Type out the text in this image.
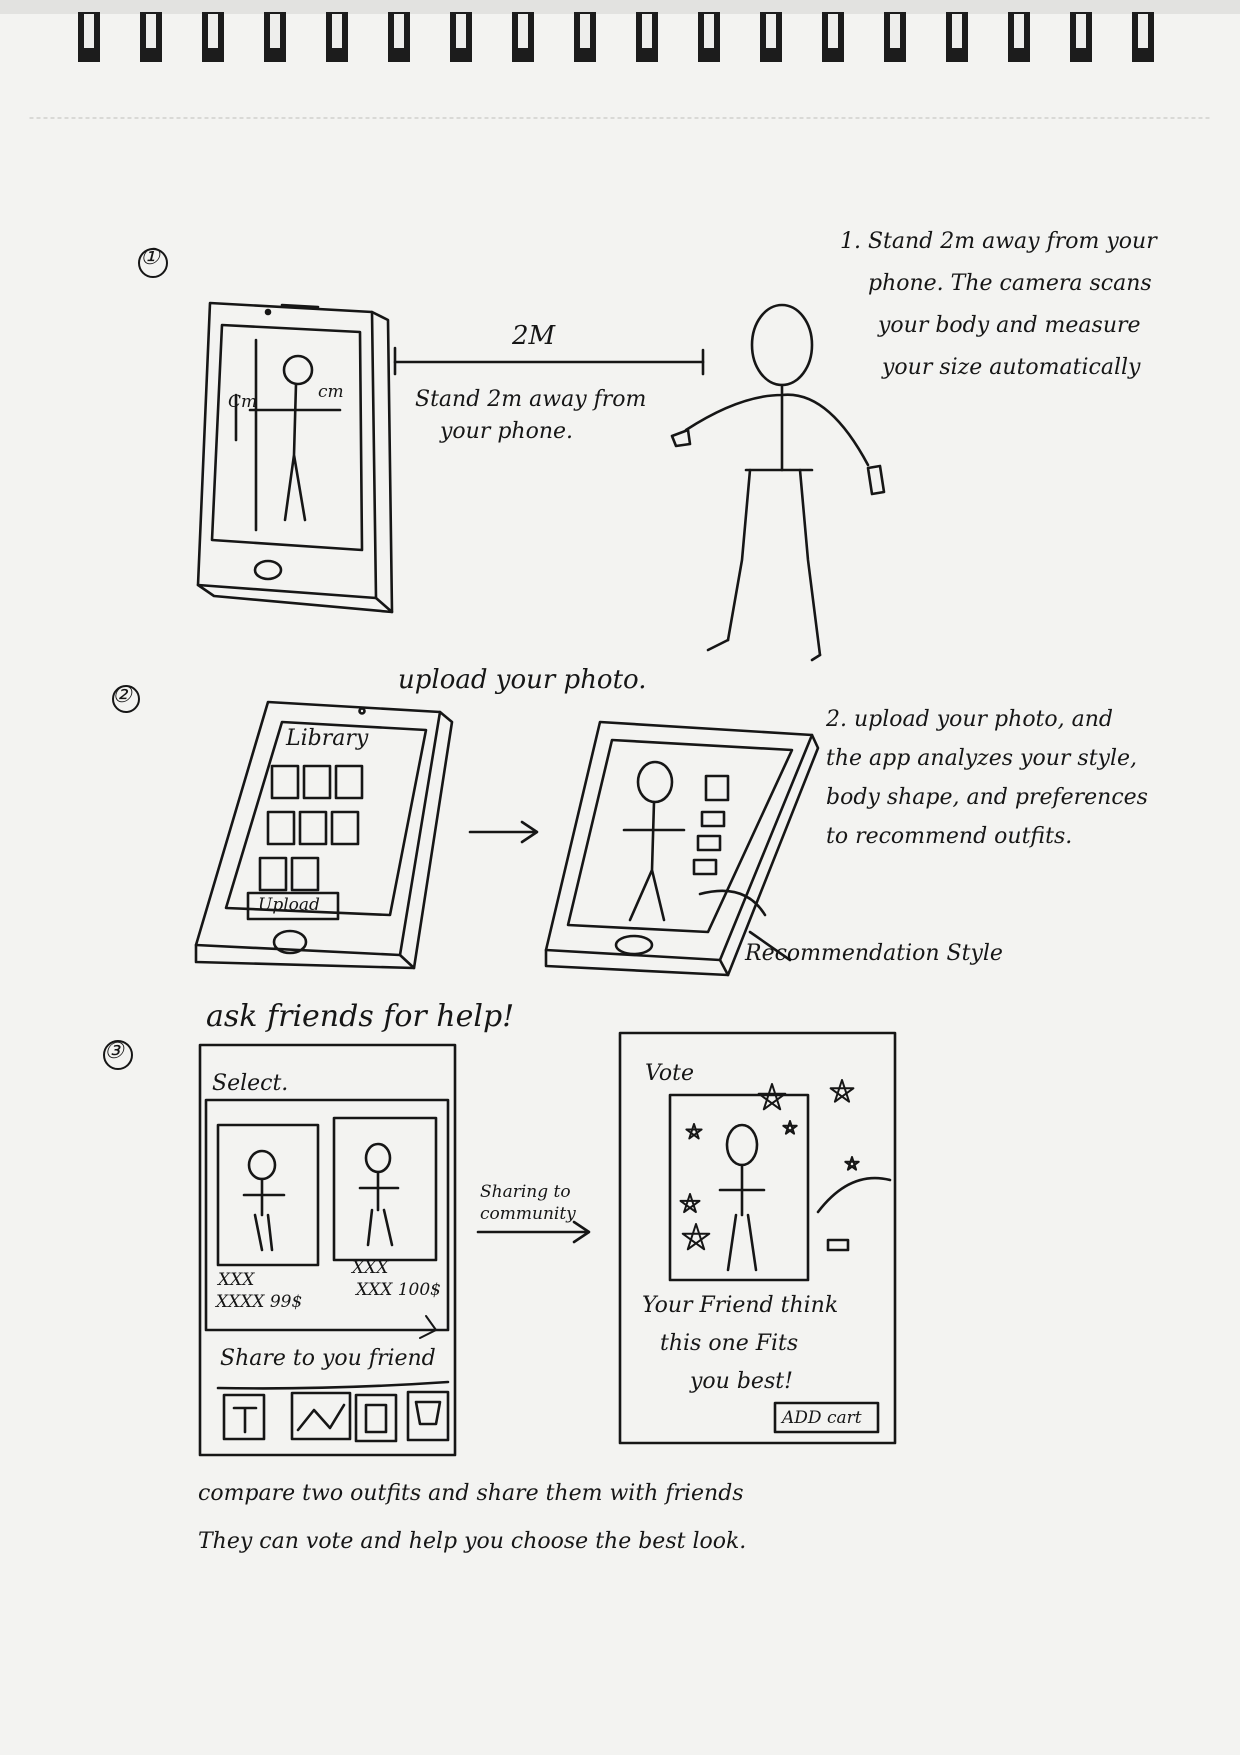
①
2M
Stand 2m away from
your phone.
Cm	cm
1. Stand 2m away from your
phone. The camera scans
your body and measure
your size automatically
②
upload your photo.
Library
Upload
Recommendation Style
2. upload your photo, and
the app analyzes your style,
body shape, and preferences
to recommend outfits.
③
ask friends for help!
Select.
XXX
XXXX 99$
XXX
XXX 100$
Share to you friend
Sharing to
community
Vote
Your Friend think
this one Fits
you best!
ADD cart
compare two outfits and share them with friends
They can vote and help you choose the best look.
